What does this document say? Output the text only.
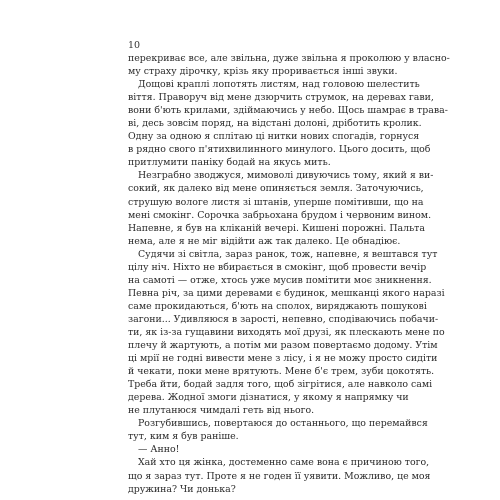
10
перекриває все, але звільна, дуже звільна я проколюю у власно-
му страху дірочку, крізь яку проривається інші звуки.
Дощові краплі лопотять листям, над головою шелестить
віття. Праворуч від мене дзюрчить струмок, на деревах гави,
вони б'ють крилами, здіймаючись у небо. Щось шамрає в трава-
ві, десь зовсім поряд, на відстані долоні, дріботить кролик.
Одну за одною я сплітаю ці нитки нових спогадів, горнуся
в рядно свого п'ятихвилинного минулого. Цього досить, щоб
притлумити паніку бодай на якусь мить.
Незграбно зводжуся, мимоволі дивуючись тому, який я ви-
сокий, як далеко від мене опиняється земля. Заточуючись,
струшую вологе листя зі штанів, уперше помітивши, що на
мені смокінг. Сорочка забрьохана брудом і червоним вином.
Напевне, я був на кліканій вечері. Кишені порожні. Пальта
нема, але я не міг відійти аж так далеко. Це обнадіює.
Судячи зі світла, зараз ранок, тож, напевне, я вештався тут
цілу ніч. Ніхто не вбирається в смокінг, щоб провести вечір
на самоті — отже, хтось уже мусив помітити моє зникнення.
Певна річ, за цими деревами є будинок, мешканці якого наразі
саме прокидаються, б'ють на сполох, виряджають пошукові
загони... Удивляюся в зарості, непевно, сподіваючись побачи-
ти, як із-за гущавини виходять мої друзі, як плескають мене по
плечу й жартують, а потім ми разом повертаємо додому. Утім
ці мрії не годні вивести мене з лісу, і я не можу просто сидіти
й чекати, поки мене врятують. Мене б'є трем, зуби цокотять.
Треба йти, бодай задля того, щоб зігрітися, але навколо самі
дерева. Жодної змоги дізнатися, у якому я напрямку чи
не плутанюся чимдалі геть від нього.
Розгубившись, повертаюся до останнього, що перемайвся
тут, ким я був раніше.
— Анно!
Хай хто ця жінка, достеменно саме вона є причиною того,
що я зараз тут. Проте я не годен її уявити. Можливо, це моя
дружина? Чи донька?
